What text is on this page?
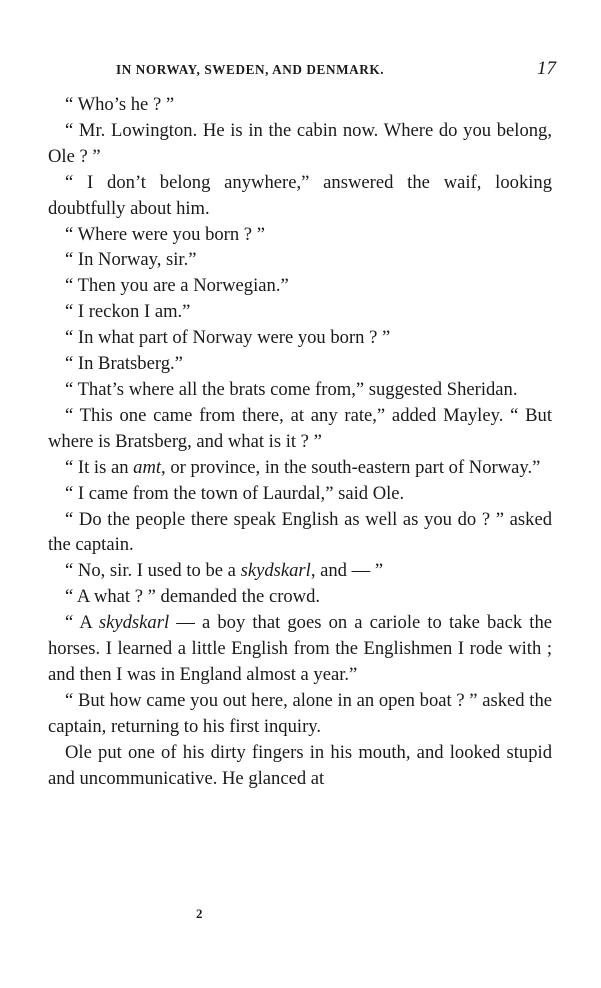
IN NORWAY, SWEDEN, AND DENMARK.	17

“ Who’s he ? ”

“ Mr. Lowington. He is in the cabin now. Where do you belong, Ole ? ”

“ I don’t belong anywhere,” answered the waif, looking doubtfully about him.

“ Where were you born ? ”

“ In Norway, sir.”

“ Then you are a Norwegian.”

“ I reckon I am.”

“ In what part of Norway were you born ? ”

“ In Bratsberg.”

“ That’s where all the brats come from,” suggested Sheridan.

“ This one came from there, at any rate,” added Mayley. “ But where is Bratsberg, and what is it ? ”

“ It is an amt, or province, in the south-eastern part of Norway.”

“ I came from the town of Laurdal,” said Ole.

“ Do the people there speak English as well as you do ? ” asked the captain.

“ No, sir. I used to be a skydskarl, and — ”

“ A what ? ” demanded the crowd.

“ A skydskarl — a boy that goes on a cariole to take back the horses. I learned a little English from the Englishmen I rode with ; and then I was in England almost a year.”

“ But how came you out here, alone in an open boat ? ” asked the captain, returning to his first inquiry.

Ole put one of his dirty fingers in his mouth, and looked stupid and uncommunicative. He glanced at

2
